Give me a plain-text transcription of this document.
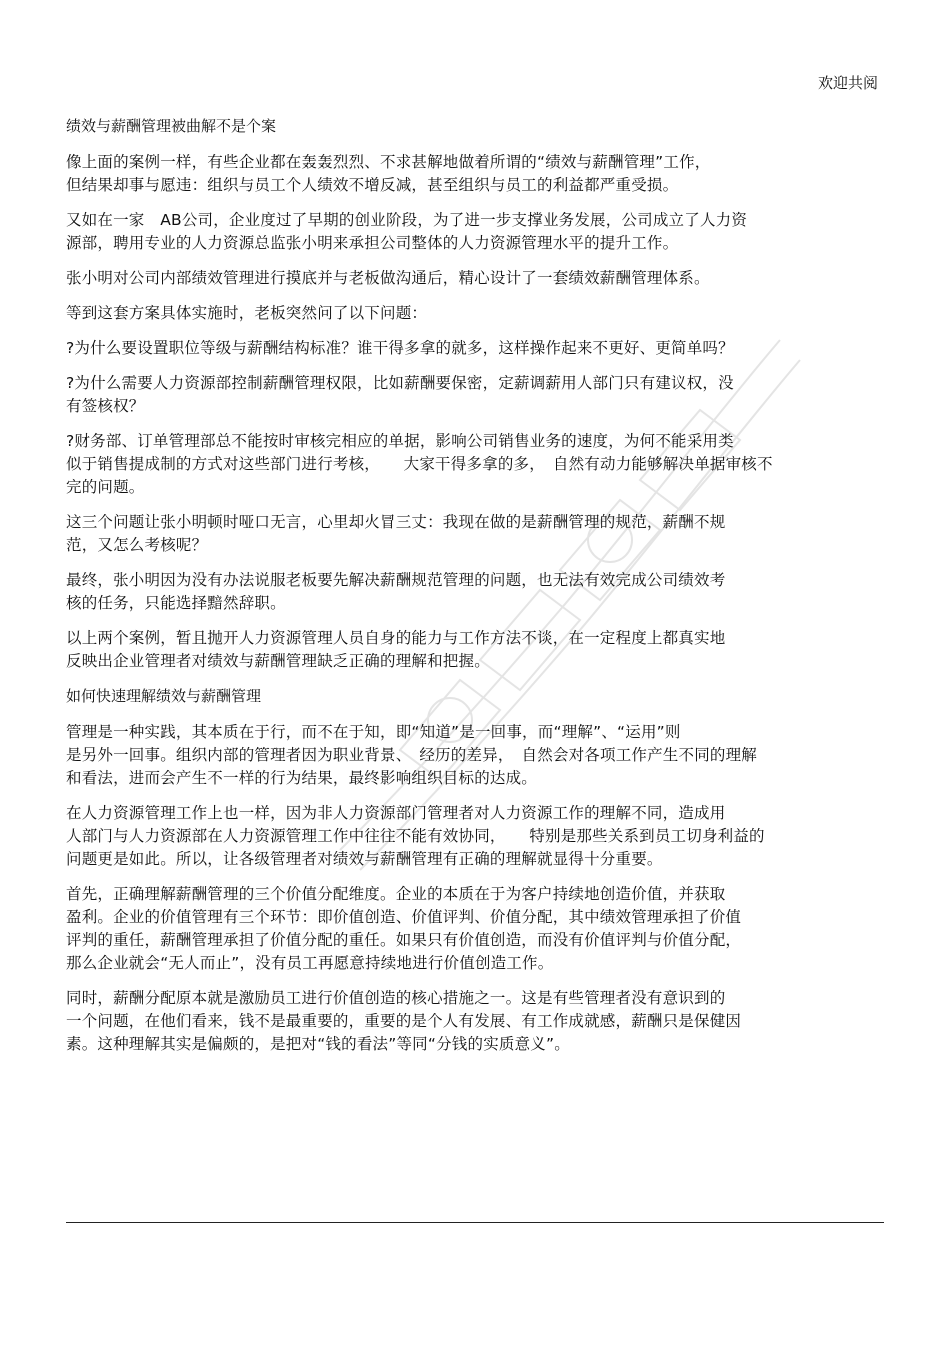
欢迎共阅

绩效与薪酬管理被曲解不是个案

像上面的案例一样，有些企业都在轰轰烈烈、不求甚解地做着所谓的“绩效与薪酬管理”工作，
但结果却事与愿违：组织与员工个人绩效不增反减，甚至组织与员工的利益都严重受损。

又如在一家　AB公司，企业度过了早期的创业阶段，为了进一步支撑业务发展，公司成立了人力资
源部，聘用专业的人力资源总监张小明来承担公司整体的人力资源管理水平的提升工作。

张小明对公司内部绩效管理进行摸底并与老板做沟通后，精心设计了一套绩效薪酬管理体系。

等到这套方案具体实施时，老板突然问了以下问题：

?为什么要设置职位等级与薪酬结构标准？谁干得多拿的就多，这样操作起来不更好、更简单吗？

?为什么需要人力资源部控制薪酬管理权限，比如薪酬要保密，定薪调薪用人部门只有建议权，没
有签核权？

?财务部、订单管理部总不能按时审核完相应的单据，影响公司销售业务的速度，为何不能采用类
似于销售提成制的方式对这些部门进行考核，　　大家干得多拿的多，　自然有动力能够解决单据审核不
完的问题。

这三个问题让张小明顿时哑口无言，心里却火冒三丈：我现在做的是薪酬管理的规范，薪酬不规
范，又怎么考核呢？

最终，张小明因为没有办法说服老板要先解决薪酬规范管理的问题，也无法有效完成公司绩效考
核的任务，只能选择黯然辞职。

以上两个案例，暂且抛开人力资源管理人员自身的能力与工作方法不谈，在一定程度上都真实地
反映出企业管理者对绩效与薪酬管理缺乏正确的理解和把握。

如何快速理解绩效与薪酬管理

管理是一种实践，其本质在于行，而不在于知，即“知道”是一回事，而“理解”、“运用”则
是另外一回事。组织内部的管理者因为职业背景、　经历的差异，　自然会对各项工作产生不同的理解
和看法，进而会产生不一样的行为结果，最终影响组织目标的达成。

在人力资源管理工作上也一样，因为非人力资源部门管理者对人力资源工作的理解不同，造成用
人部门与人力资源部在人力资源管理工作中往往不能有效协同，　　特别是那些关系到员工切身利益的
问题更是如此。所以，让各级管理者对绩效与薪酬管理有正确的理解就显得十分重要。

首先，正确理解薪酬管理的三个价值分配维度。企业的本质在于为客户持续地创造价值，并获取
盈利。企业的价值管理有三个环节：即价值创造、价值评判、价值分配，其中绩效管理承担了价值
评判的重任，薪酬管理承担了价值分配的重任。如果只有价值创造，而没有价值评判与价值分配，
那么企业就会“无人而止”，没有员工再愿意持续地进行价值创造工作。

同时，薪酬分配原本就是激励员工进行价值创造的核心措施之一。这是有些管理者没有意识到的
一个问题，在他们看来，钱不是最重要的，重要的是个人有发展、有工作成就感，薪酬只是保健因
素。这种理解其实是偏颇的，是把对“钱的看法”等同“分钱的实质意义”。
